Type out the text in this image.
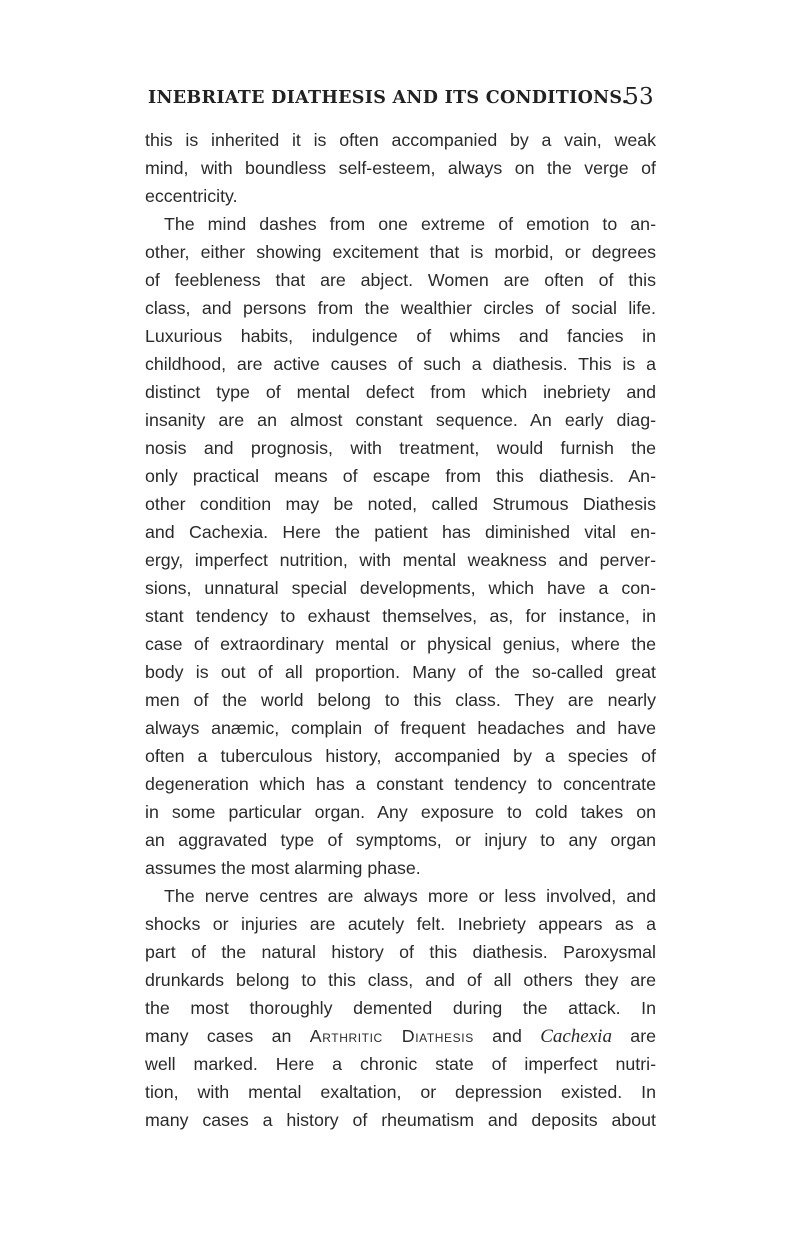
INEBRIATE DIATHESIS AND ITS CONDITIONS.
53
this is inherited it is often accompanied by a vain, weak
mind, with boundless self-esteem, always on the verge of
eccentricity.
The mind dashes from one extreme of emotion to an-
other, either showing excitement that is morbid, or degrees
of feebleness that are abject. Women are often of this
class, and persons from the wealthier circles of social life.
Luxurious habits, indulgence of whims and fancies in
childhood, are active causes of such a diathesis. This is a
distinct type of mental defect from which inebriety and
insanity are an almost constant sequence. An early diag-
nosis and prognosis, with treatment, would furnish the
only practical means of escape from this diathesis. An-
other condition may be noted, called Strumous Diathesis
and Cachexia. Here the patient has diminished vital en-
ergy, imperfect nutrition, with mental weakness and perver-
sions, unnatural special developments, which have a con-
stant tendency to exhaust themselves, as, for instance, in
case of extraordinary mental or physical genius, where the
body is out of all proportion. Many of the so-called great
men of the world belong to this class. They are nearly
always anæmic, complain of frequent headaches and have
often a tuberculous history, accompanied by a species of
degeneration which has a constant tendency to concentrate
in some particular organ. Any exposure to cold takes on
an aggravated type of symptoms, or injury to any organ
assumes the most alarming phase.
The nerve centres are always more or less involved, and
shocks or injuries are acutely felt. Inebriety appears as a
part of the natural history of this diathesis. Paroxysmal
drunkards belong to this class, and of all others they are
the most thoroughly demented during the attack. In
many cases an Arthritic Diathesis and Cachexia are
well marked. Here a chronic state of imperfect nutri-
tion, with mental exaltation, or depression existed. In
many cases a history of rheumatism and deposits about
